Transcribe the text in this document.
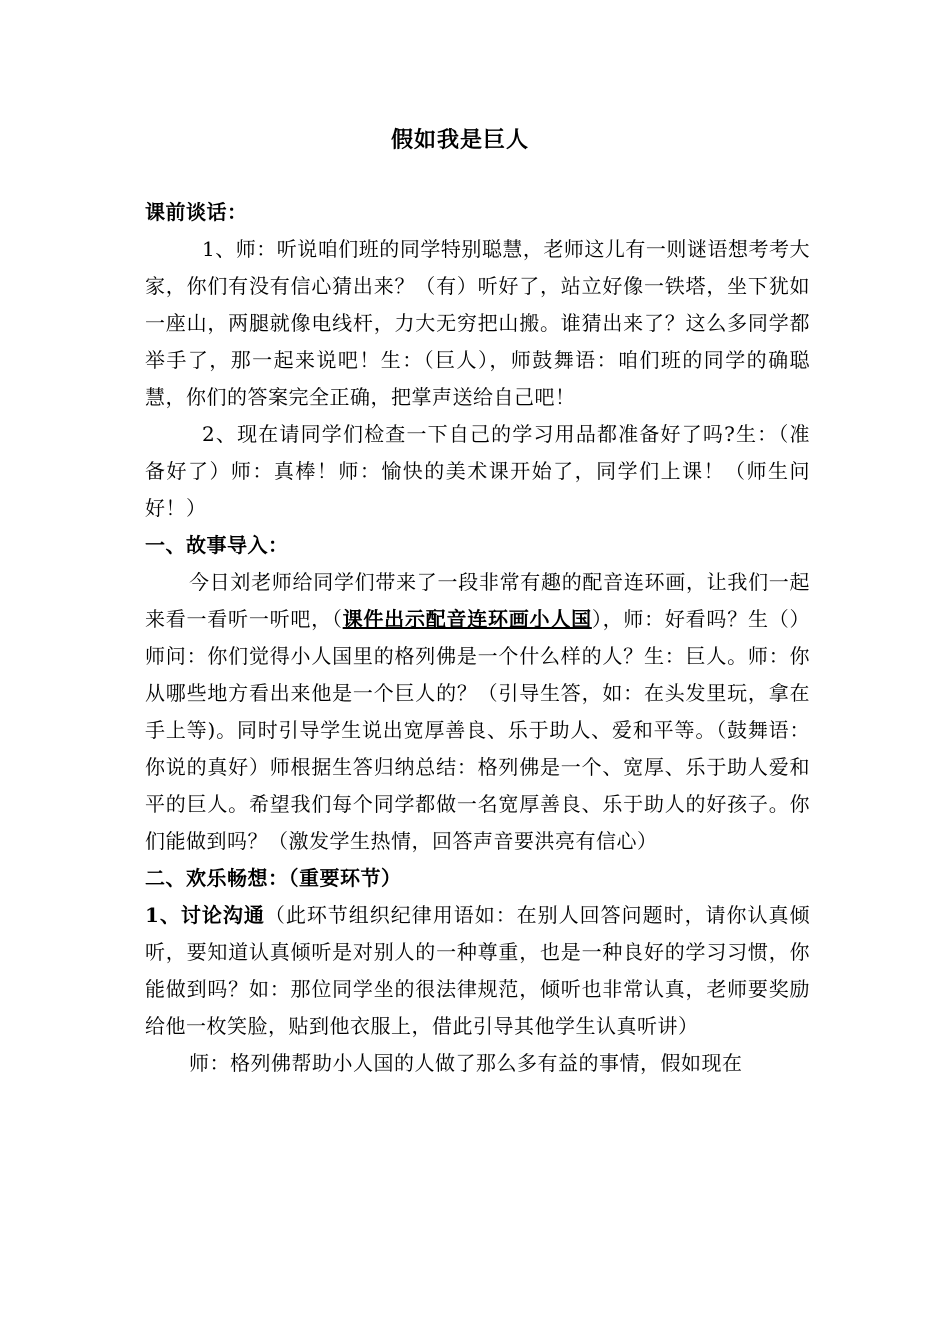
假如我是巨人

课前谈话：

1、师：听说咱们班的同学特别聪慧，老师这儿有一则谜语想考考大家，你们有没有信心猜出来？（有）听好了，站立好像一铁塔，坐下犹如一座山，两腿就像电线杆，力大无穷把山搬。谁猜出来了？这么多同学都举手了，那一起来说吧！生：（巨人），师鼓舞语：咱们班的同学的确聪慧，你们的答案完全正确，把掌声送给自己吧！

2、现在请同学们检查一下自己的学习用品都准备好了吗?生：（准备好了）师：真棒！师：愉快的美术课开始了，同学们上课！（师生问好！）

一、故事导入：

今日刘老师给同学们带来了一段非常有趣的配音连环画，让我们一起来看一看听一听吧，（课件出示配音连环画小人国），师：好看吗？生（）师问：你们觉得小人国里的格列佛是一个什么样的人？生：巨人。师：你从哪些地方看出来他是一个巨人的？（引导生答，如：在头发里玩，拿在手上等)。同时引导学生说出宽厚善良、乐于助人、爱和平等。（鼓舞语：你说的真好）师根据生答归纳总结：格列佛是一个、宽厚、乐于助人爱和平的巨人。希望我们每个同学都做一名宽厚善良、乐于助人的好孩子。你们能做到吗？（激发学生热情，回答声音要洪亮有信心）

二、欢乐畅想：（重要环节）

1、讨论沟通（此环节组织纪律用语如：在别人回答问题时，请你认真倾听，要知道认真倾听是对别人的一种尊重，也是一种良好的学习习惯，你能做到吗？如：那位同学坐的很法律规范，倾听也非常认真，老师要奖励给他一枚笑脸，贴到他衣服上，借此引导其他学生认真听讲）

师：格列佛帮助小人国的人做了那么多有益的事情，假如现在
